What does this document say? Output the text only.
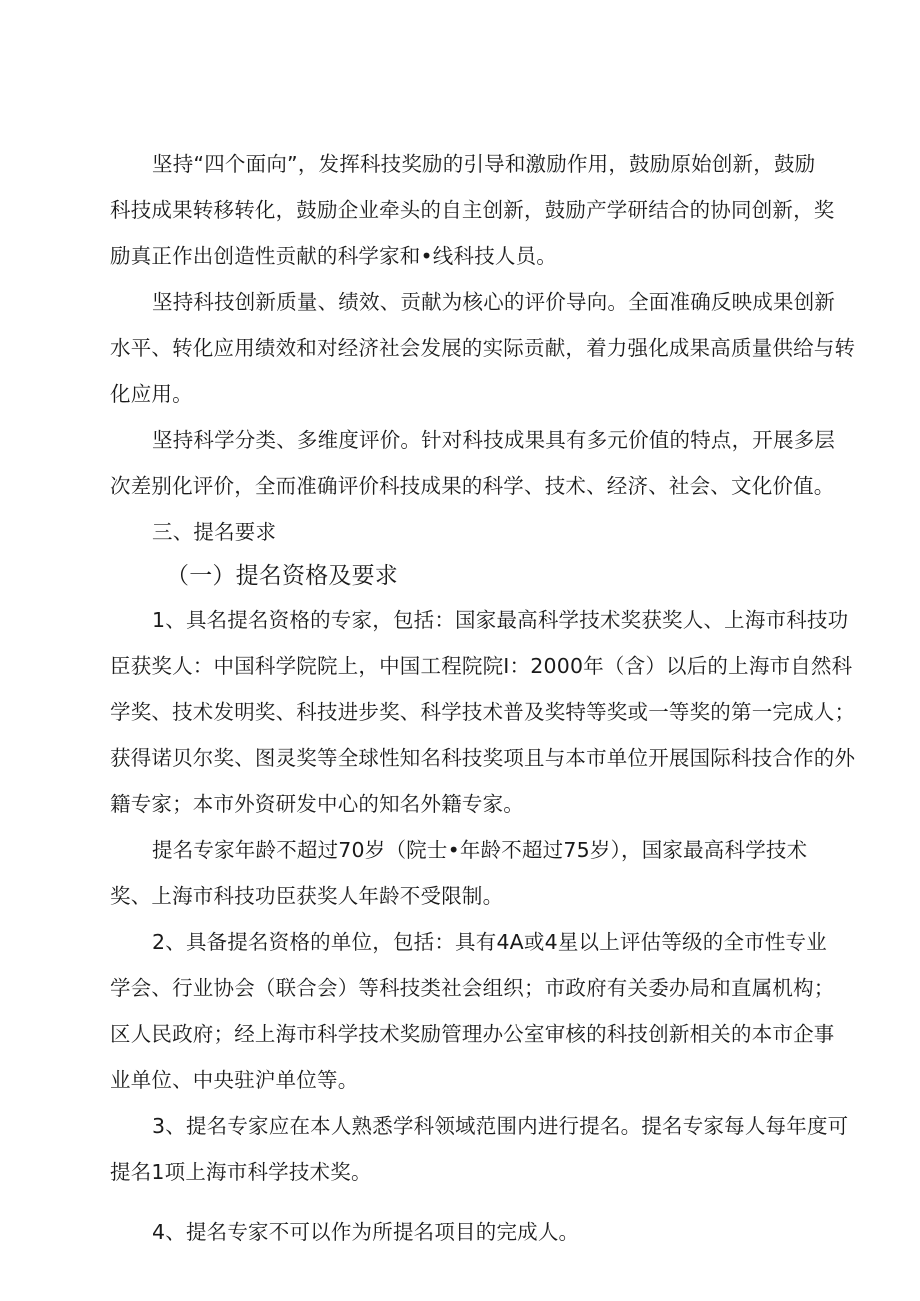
坚持“四个面向”，发挥科技奖励的引导和激励作用，鼓励原始创新，鼓励
科技成果转移转化，鼓励企业牵头的自主创新，鼓励产学研结合的协同创新，奖
励真正作出创造性贡献的科学家和•线科技人员。
坚持科技创新质量、绩效、贡献为核心的评价导向。全面准确反映成果创新
水平、转化应用绩效和对经济社会发展的实际贡献，着力强化成果高质量供给与转
化应用。
坚持科学分类、多维度评价。针对科技成果具有多元价值的特点，开展多层
次差别化评价，全而准确评价科技成果的科学、技术、经济、社会、文化价值。
三、提名要求
（一）提名资格及要求
1、具名提名资格的专家，包括：国家最高科学技术奖获奖人、上海市科技功
臣获奖人：中国科学院院上，中国工程院院I：2000年（含）以后的上海市自然科
学奖、技术发明奖、科技进步奖、科学技术普及奖特等奖或一等奖的第一完成人；
获得诺贝尔奖、图灵奖等全球性知名科技奖项且与本市单位开展国际科技合作的外
籍专家；本市外资研发中心的知名外籍专家。
提名专家年龄不超过70岁（院士•年龄不超过75岁），国家最高科学技术
奖、上海市科技功臣获奖人年龄不受限制。
2、具备提名资格的单位，包括：具有4A或4星以上评估等级的全市性专业
学会、行业协会（联合会）等科技类社会组织；市政府有关委办局和直属机构；
区人民政府；经上海市科学技术奖励管理办公室审核的科技创新相关的本市企事
业单位、中央驻沪单位等。
3、提名专家应在本人熟悉学科领域范围内进行提名。提名专家每人每年度可
提名1项上海市科学技术奖。
4、提名专家不可以作为所提名项目的完成人。
